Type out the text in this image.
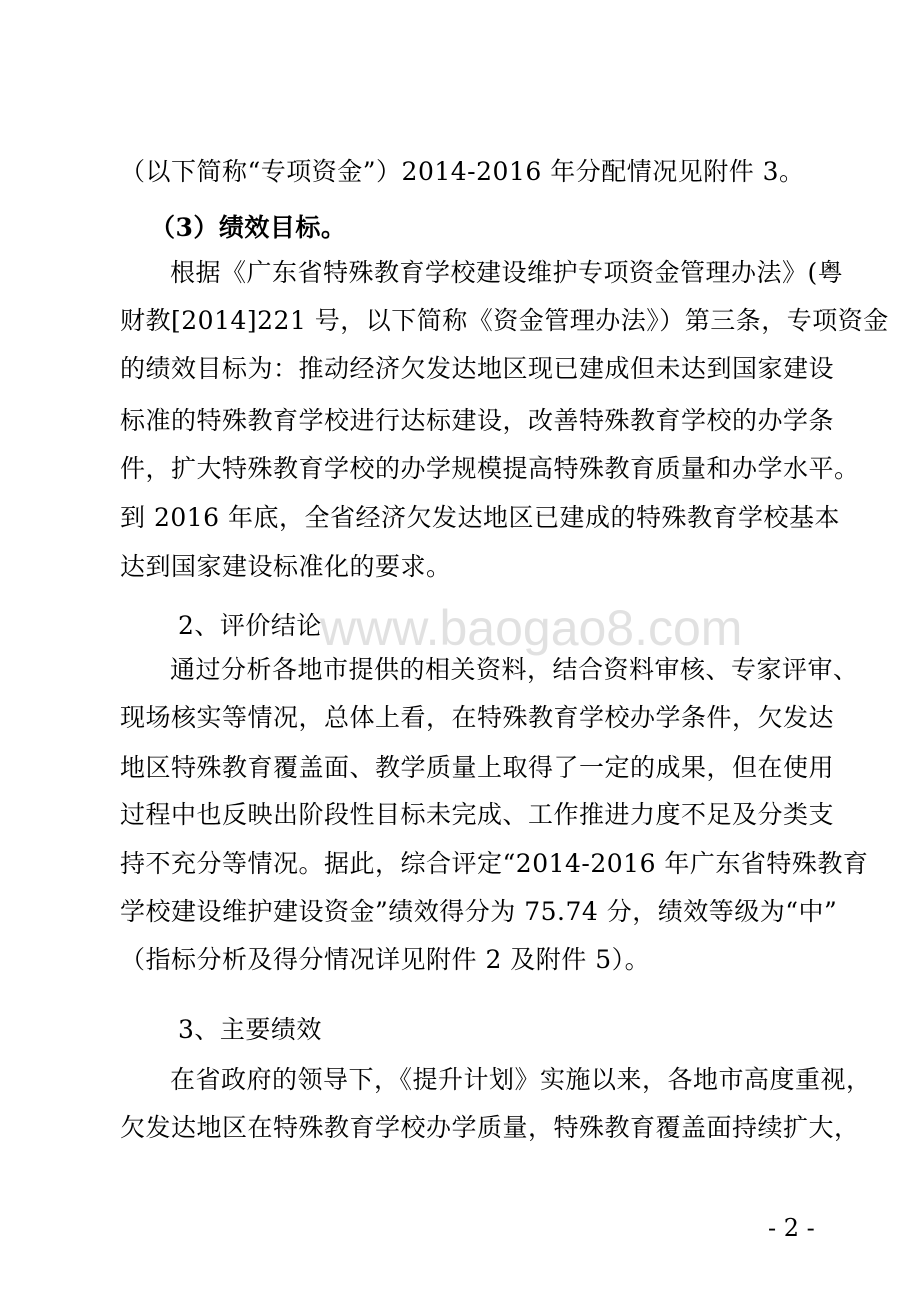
（以下简称“专项资金”）2014-2016 年分配情况见附件 3。
（3）绩效目标。
根据《广东省特殊教育学校建设维护专项资金管理办法》(粤
财教[2014]221 号，以下简称《资金管理办法》）第三条，专项资金
的绩效目标为：推动经济欠发达地区现已建成但未达到国家建设
标准的特殊教育学校进行达标建设，改善特殊教育学校的办学条
件，扩大特殊教育学校的办学规模提高特殊教育质量和办学水平。
到 2016 年底，全省经济欠发达地区已建成的特殊教育学校基本
达到国家建设标准化的要求。
2、评价结论
通过分析各地市提供的相关资料，结合资料审核、专家评审、
现场核实等情况，总体上看，在特殊教育学校办学条件，欠发达
地区特殊教育覆盖面、教学质量上取得了一定的成果，但在使用
过程中也反映出阶段性目标未完成、工作推进力度不足及分类支
持不充分等情况。据此，综合评定“2014-2016 年广东省特殊教育
学校建设维护建设资金”绩效得分为 75.74 分，绩效等级为“中”
（指标分析及得分情况详见附件 2 及附件 5）。
3、主要绩效
在省政府的领导下，《提升计划》实施以来，各地市高度重视，
欠发达地区在特殊教育学校办学质量，特殊教育覆盖面持续扩大，
www.baogao8.com
- 2 -
